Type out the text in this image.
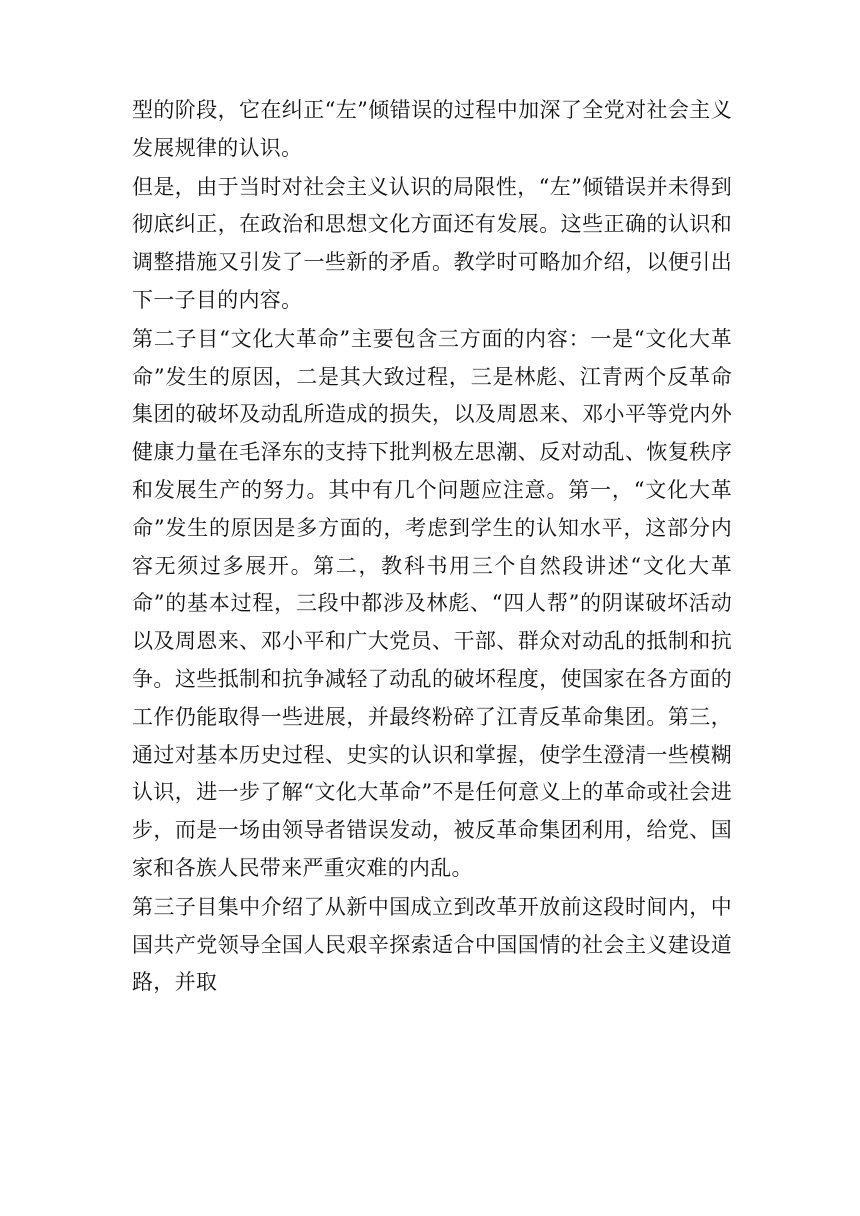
型的阶段，它在纠正“左”倾错误的过程中加深了全党对社会主义发展规律的认识。

但是，由于当时对社会主义认识的局限性，“左”倾错误并未得到彻底纠正，在政治和思想文化方面还有发展。这些正确的认识和调整措施又引发了一些新的矛盾。教学时可略加介绍，以便引出下一子目的内容。

第二子目“文化大革命”主要包含三方面的内容：一是“文化大革命”发生的原因，二是其大致过程，三是林彪、江青两个反革命集团的破坏及动乱所造成的损失，以及周恩来、邓小平等党内外健康力量在毛泽东的支持下批判极左思潮、反对动乱、恢复秩序和发展生产的努力。其中有几个问题应注意。第一，“文化大革命”发生的原因是多方面的，考虑到学生的认知水平，这部分内容无须过多展开。第二，教科书用三个自然段讲述“文化大革命”的基本过程，三段中都涉及林彪、“四人帮”的阴谋破坏活动以及周恩来、邓小平和广大党员、干部、群众对动乱的抵制和抗争。这些抵制和抗争减轻了动乱的破坏程度，使国家在各方面的工作仍能取得一些进展，并最终粉碎了江青反革命集团。第三，通过对基本历史过程、史实的认识和掌握，使学生澄清一些模糊认识，进一步了解“文化大革命”不是任何意义上的革命或社会进步，而是一场由领导者错误发动，被反革命集团利用，给党、国家和各族人民带来严重灾难的内乱。

第三子目集中介绍了从新中国成立到改革开放前这段时间内，中国共产党领导全国人民艰辛探索适合中国国情的社会主义建设道路，并取
